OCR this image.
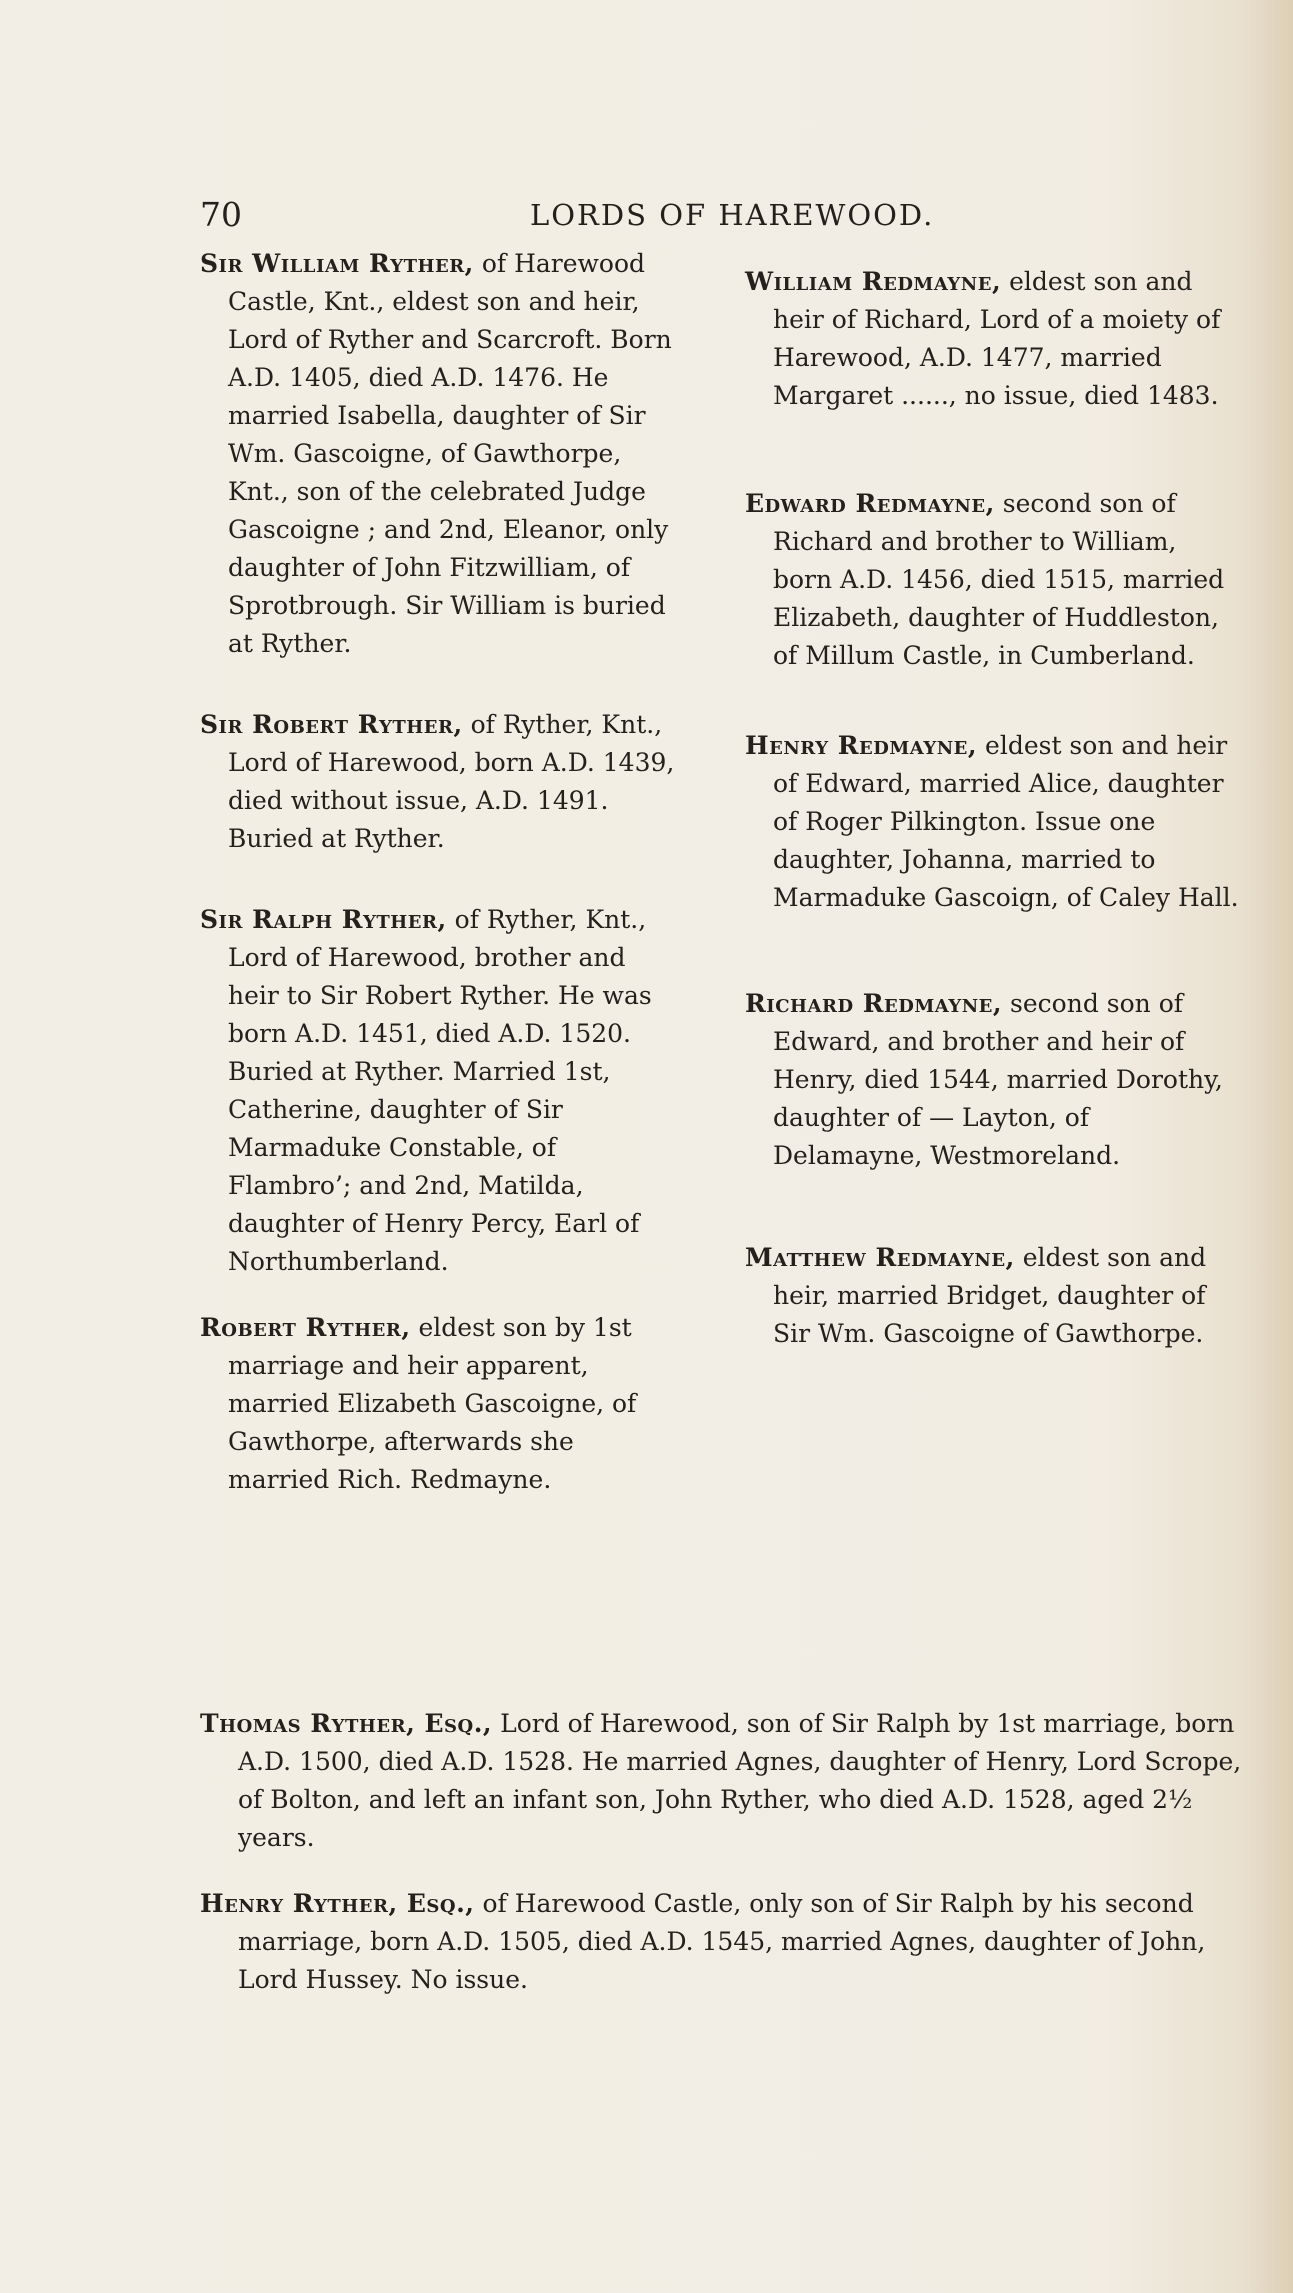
70	LORDS OF HAREWOOD.

Sir William Ryther, of Harewood Castle, Knt., eldest son and heir, Lord of Ryther and Scarcroft. Born A.D. 1405, died A.D. 1476. He married Isabella, daughter of Sir Wm. Gascoigne, of Gawthorpe, Knt., son of the celebrated Judge Gascoigne ; and 2nd, Eleanor, only daughter of John Fitzwilliam, of Sprotbrough. Sir William is buried at Ryther.

Sir Robert Ryther, of Ryther, Knt., Lord of Harewood, born A.D. 1439, died without issue, A.D. 1491. Buried at Ryther.

Sir Ralph Ryther, of Ryther, Knt., Lord of Harewood, brother and heir to Sir Robert Ryther. He was born A.D. 1451, died A.D. 1520. Buried at Ryther. Married 1st, Catherine, daughter of Sir Marmaduke Constable, of Flambro’; and 2nd, Matilda, daughter of Henry Percy, Earl of Northumberland.

Robert Ryther, eldest son by 1st marriage and heir apparent, married Elizabeth Gascoigne, of Gawthorpe, afterwards she married Rich. Redmayne.

William Redmayne, eldest son and heir of Richard, Lord of a moiety of Harewood, A.D. 1477, married Margaret ......, no issue, died 1483.

Edward Redmayne, second son of Richard and brother to William, born A.D. 1456, died 1515, married Elizabeth, daughter of Huddleston, of Millum Castle, in Cumberland.

Henry Redmayne, eldest son and heir of Edward, married Alice, daughter of Roger Pilkington. Issue one daughter, Johanna, married to Marmaduke Gascoign, of Caley Hall.

Richard Redmayne, second son of Edward, and brother and heir of Henry, died 1544, married Dorothy, daughter of — Layton, of Delamayne, Westmoreland.

Matthew Redmayne, eldest son and heir, married Bridget, daughter of Sir Wm. Gascoigne of Gawthorpe.

Thomas Ryther, Esq., Lord of Harewood, son of Sir Ralph by 1st marriage, born A.D. 1500, died A.D. 1528. He married Agnes, daughter of Henry, Lord Scrope, of Bolton, and left an infant son, John Ryther, who died A.D. 1528, aged 2½ years.

Henry Ryther, Esq., of Harewood Castle, only son of Sir Ralph by his second marriage, born A.D. 1505, died A.D. 1545, married Agnes, daughter of John, Lord Hussey. No issue.
